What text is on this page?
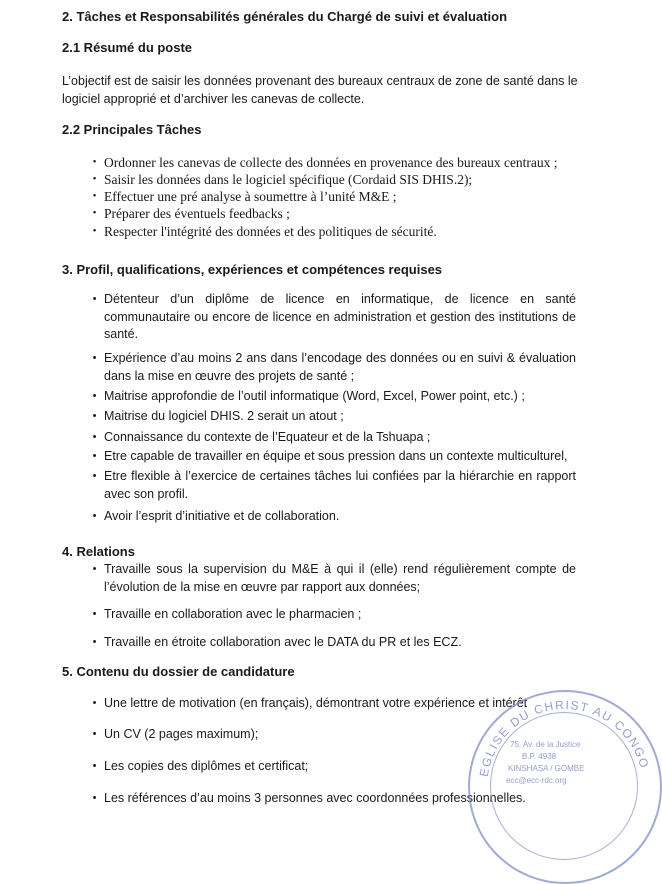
2. Tâches et Responsabilités générales du Chargé de suivi et évaluation
2.1 Résumé du poste
L’objectif est de saisir les données provenant des bureaux centraux de zone de santé dans le logiciel approprié et d’archiver les canevas de collecte.
2.2 Principales Tâches
• Ordonner les canevas de collecte des données en provenance des bureaux centraux ;
• Saisir les données dans le logiciel spécifique (Cordaid SIS DHIS.2);
• Effectuer une pré analyse à soumettre à l’unité M&E ;
• Préparer des éventuels feedbacks ;
• Respecter l'intégrité des données et des politiques de sécurité.
3. Profil, qualifications, expériences et compétences requises
• Détenteur d’un diplôme de licence en informatique, de licence en santé communautaire ou encore de licence en administration et gestion des institutions de santé.
• Expérience d’au moins 2 ans dans l’encodage des données ou en suivi & évaluation dans la mise en œuvre des projets de santé ;
• Maitrise approfondie de l’outil informatique (Word, Excel, Power point, etc.) ;
• Maitrise du logiciel DHIS. 2 serait un atout ;
• Connaissance du contexte de l’Equateur et de la Tshuapa ;
• Etre capable de travailler en équipe et sous pression dans un contexte multiculturel,
• Etre flexible à l’exercice de certaines tâches lui confiées par la hiérarchie en rapport avec son profil.
• Avoir l’esprit d’initiative et de collaboration.
4. Relations
• Travaille sous la supervision du M&E à qui il (elle) rend régulièrement compte de l’évolution de la mise en œuvre par rapport aux données;
• Travaille en collaboration avec le pharmacien ;
• Travaille en étroite collaboration avec le DATA du PR et les ECZ.
5. Contenu du dossier de candidature
• Une lettre de motivation (en français), démontrant votre expérience et intérêt
• Un CV (2 pages maximum);
• Les copies des diplômes et certificat;
• Les références d’au moins 3 personnes avec coordonnées professionnelles.
EGLISE DU CHRIST AU CONGO
75, Av. de la Justice
B.P. 4938
KINSHASA / GOMBE
ecc@ecc-rdc.org
